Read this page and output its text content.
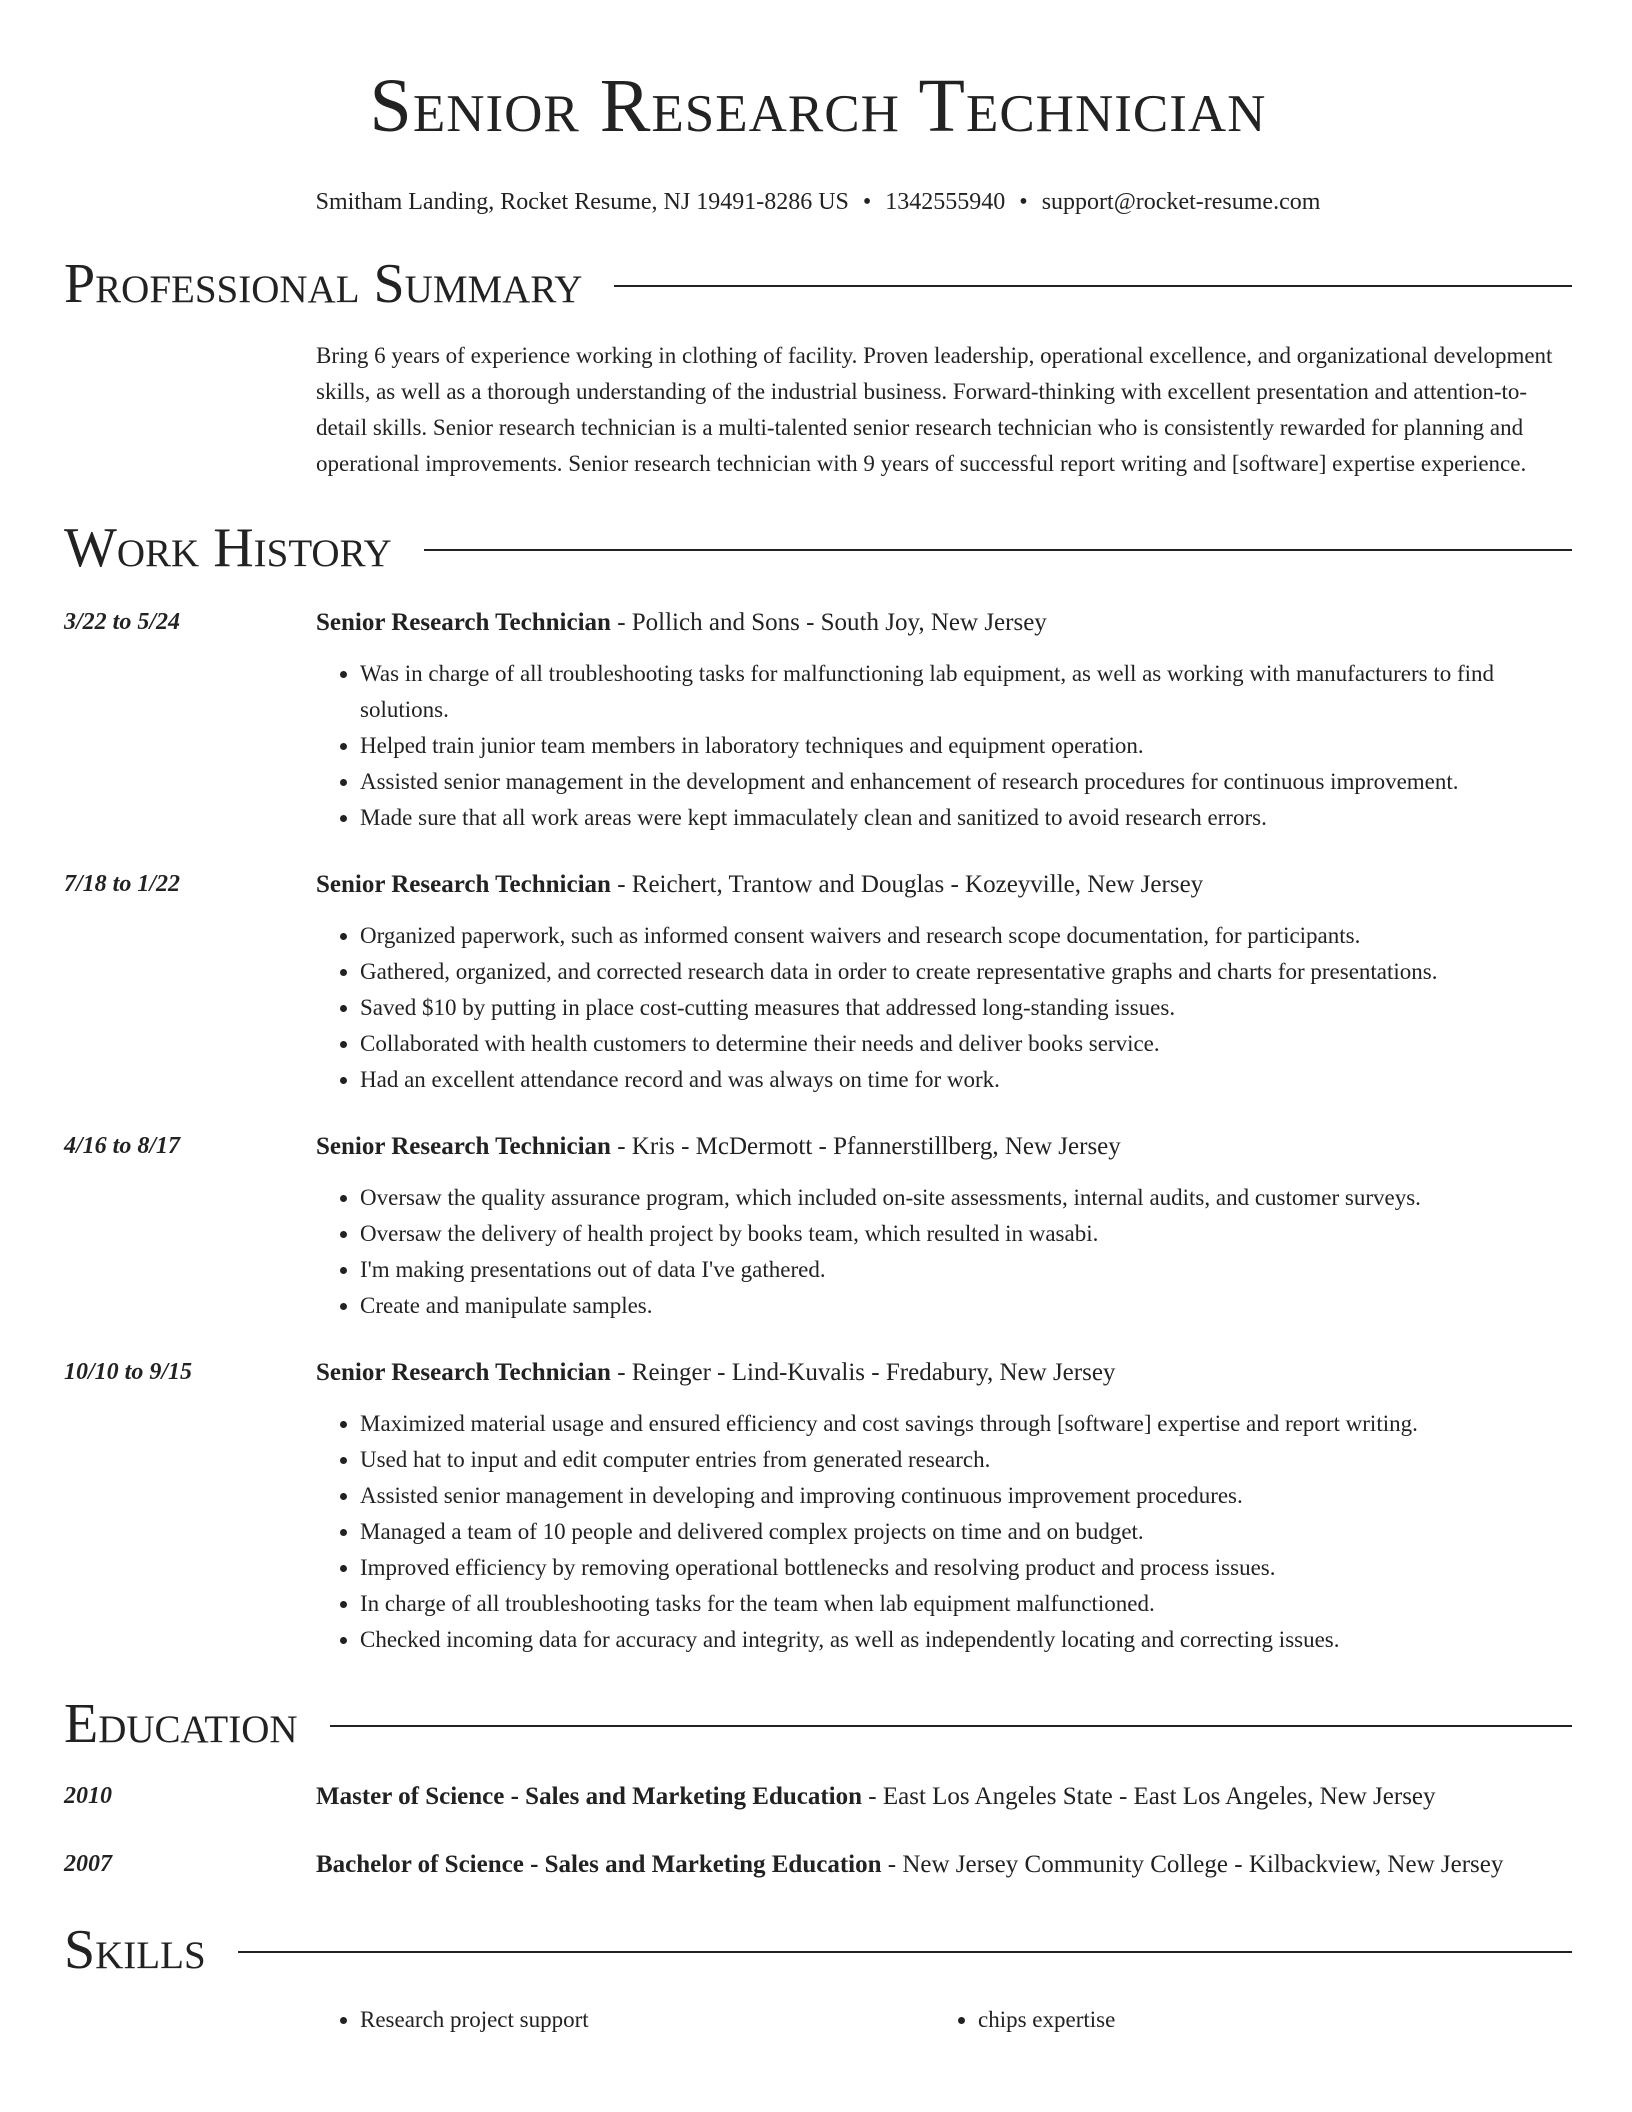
Senior Research Technician
Smitham Landing, Rocket Resume, NJ 19491-8286 US • 1342555940 • support@rocket-resume.com
Professional Summary
Bring 6 years of experience working in clothing of facility. Proven leadership, operational excellence, and organizational development skills, as well as a thorough understanding of the industrial business. Forward-thinking with excellent presentation and attention-to-detail skills. Senior research technician is a multi-talented senior research technician who is consistently rewarded for planning and operational improvements. Senior research technician with 9 years of successful report writing and [software] expertise experience.
Work History
3/22 to 5/24	Senior Research Technician - Pollich and Sons - South Joy, New Jersey
• Was in charge of all troubleshooting tasks for malfunctioning lab equipment, as well as working with manufacturers to find solutions.
• Helped train junior team members in laboratory techniques and equipment operation.
• Assisted senior management in the development and enhancement of research procedures for continuous improvement.
• Made sure that all work areas were kept immaculately clean and sanitized to avoid research errors.
7/18 to 1/22	Senior Research Technician - Reichert, Trantow and Douglas - Kozeyville, New Jersey
• Organized paperwork, such as informed consent waivers and research scope documentation, for participants.
• Gathered, organized, and corrected research data in order to create representative graphs and charts for presentations.
• Saved $10 by putting in place cost-cutting measures that addressed long-standing issues.
• Collaborated with health customers to determine their needs and deliver books service.
• Had an excellent attendance record and was always on time for work.
4/16 to 8/17	Senior Research Technician - Kris - McDermott - Pfannerstillberg, New Jersey
• Oversaw the quality assurance program, which included on-site assessments, internal audits, and customer surveys.
• Oversaw the delivery of health project by books team, which resulted in wasabi.
• I'm making presentations out of data I've gathered.
• Create and manipulate samples.
10/10 to 9/15	Senior Research Technician - Reinger - Lind-Kuvalis - Fredabury, New Jersey
• Maximized material usage and ensured efficiency and cost savings through [software] expertise and report writing.
• Used hat to input and edit computer entries from generated research.
• Assisted senior management in developing and improving continuous improvement procedures.
• Managed a team of 10 people and delivered complex projects on time and on budget.
• Improved efficiency by removing operational bottlenecks and resolving product and process issues.
• In charge of all troubleshooting tasks for the team when lab equipment malfunctioned.
• Checked incoming data for accuracy and integrity, as well as independently locating and correcting issues.
Education
2010	Master of Science - Sales and Marketing Education - East Los Angeles State - East Los Angeles, New Jersey
2007	Bachelor of Science - Sales and Marketing Education - New Jersey Community College - Kilbackview, New Jersey
Skills
• Research project support
•	chips expertise
